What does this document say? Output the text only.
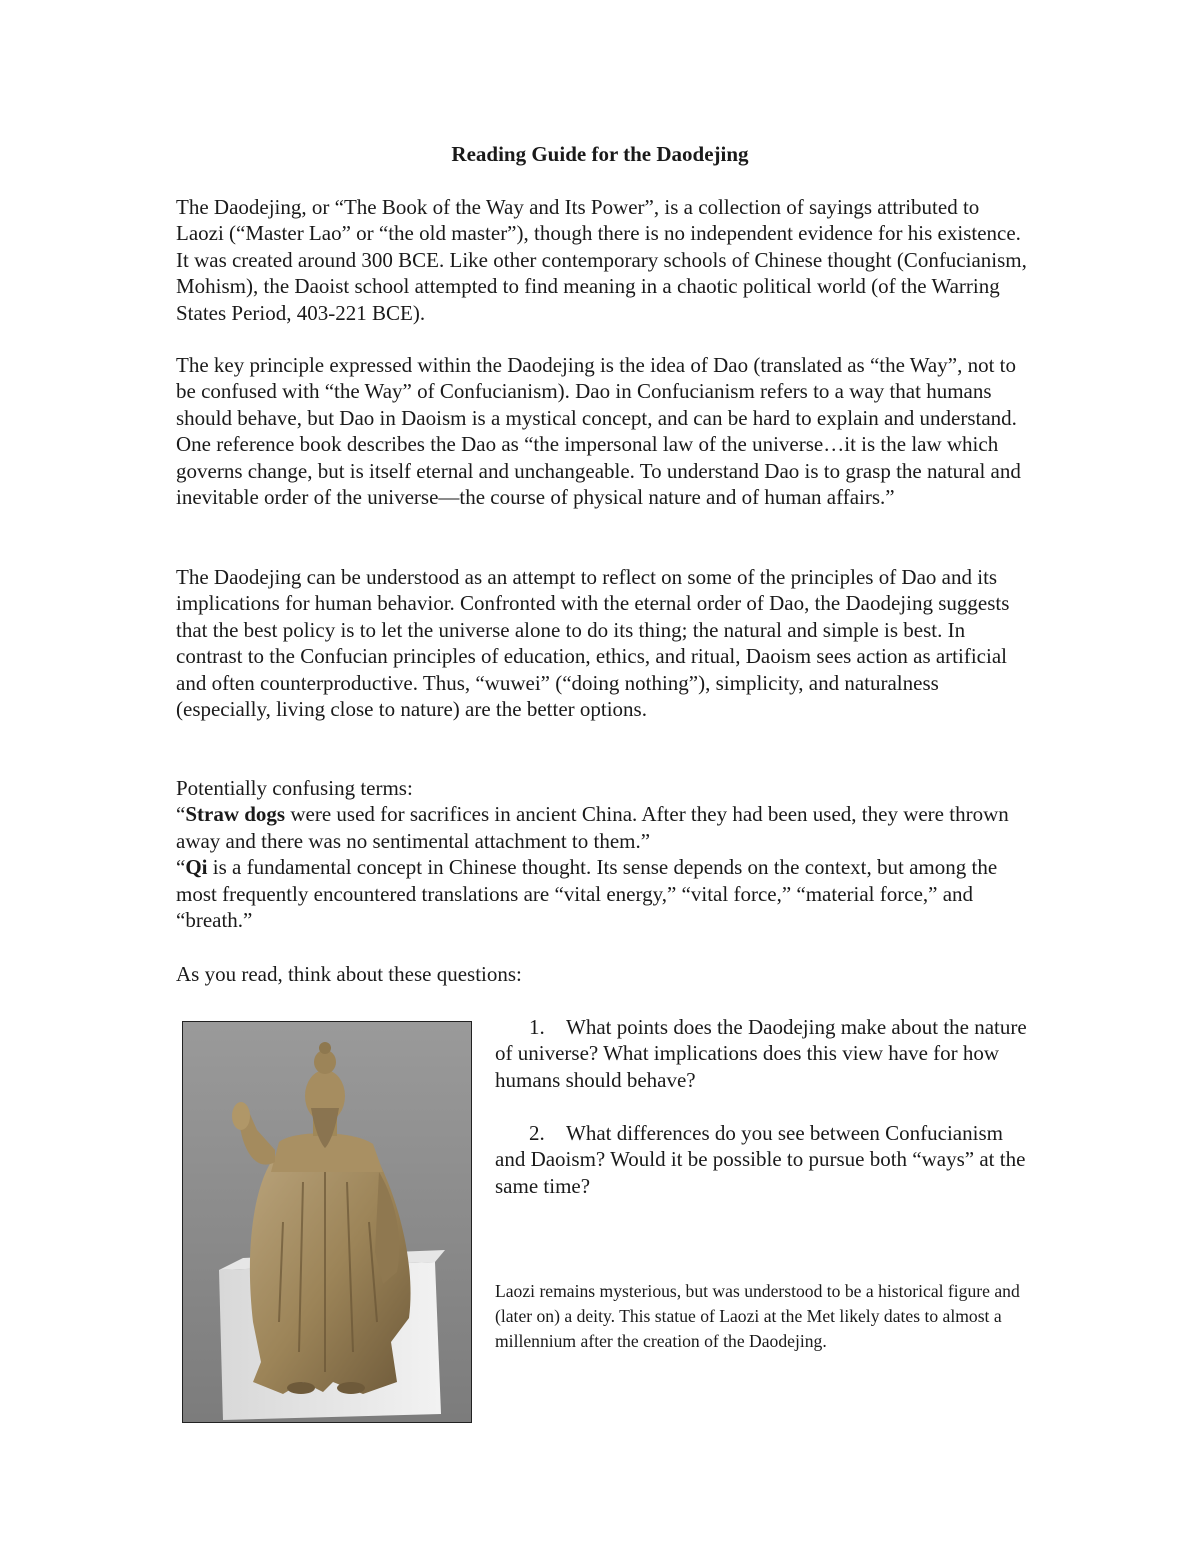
Reading Guide for the Daodejing

The Daodejing, or “The Book of the Way and Its Power”, is a collection of sayings attributed to Laozi (“Master Lao” or “the old master”), though there is no independent evidence for his existence. It was created around 300 BCE. Like other contemporary schools of Chinese thought (Confucianism, Mohism), the Daoist school attempted to find meaning in a chaotic political world (of the Warring States Period, 403-221 BCE).

The key principle expressed within the Daodejing is the idea of Dao (translated as “the Way”, not to be confused with “the Way” of Confucianism). Dao in Confucianism refers to a way that humans should behave, but Dao in Daoism is a mystical concept, and can be hard to explain and understand. One reference book describes the Dao as “the impersonal law of the universe…it is the law which governs change, but is itself eternal and unchangeable. To understand Dao is to grasp the natural and inevitable order of the universe—the course of physical nature and of human affairs.”

The Daodejing can be understood as an attempt to reflect on some of the principles of Dao and its implications for human behavior. Confronted with the eternal order of Dao, the Daodejing suggests that the best policy is to let the universe alone to do its thing; the natural and simple is best. In contrast to the Confucian principles of education, ethics, and ritual, Daoism sees action as artificial and often counterproductive. Thus, “wuwei” (“doing nothing”), simplicity, and naturalness (especially, living close to nature) are the better options.

Potentially confusing terms:
“Straw dogs were used for sacrifices in ancient China. After they had been used, they were thrown away and there was no sentimental attachment to them.”
“Qi is a fundamental concept in Chinese thought. Its sense depends on the context, but among the most frequently encountered translations are “vital energy,” “vital force,” “material force,” and “breath.”

As you read, think about these questions:

1. What points does the Daodejing make about the nature of universe? What implications does this view have for how humans should behave?

2. What differences do you see between Confucianism and Daoism? Would it be possible to pursue both “ways” at the same time?

Laozi remains mysterious, but was understood to be a historical figure and (later on) a deity. This statue of Laozi at the Met likely dates to almost a millennium after the creation of the Daodejing.
